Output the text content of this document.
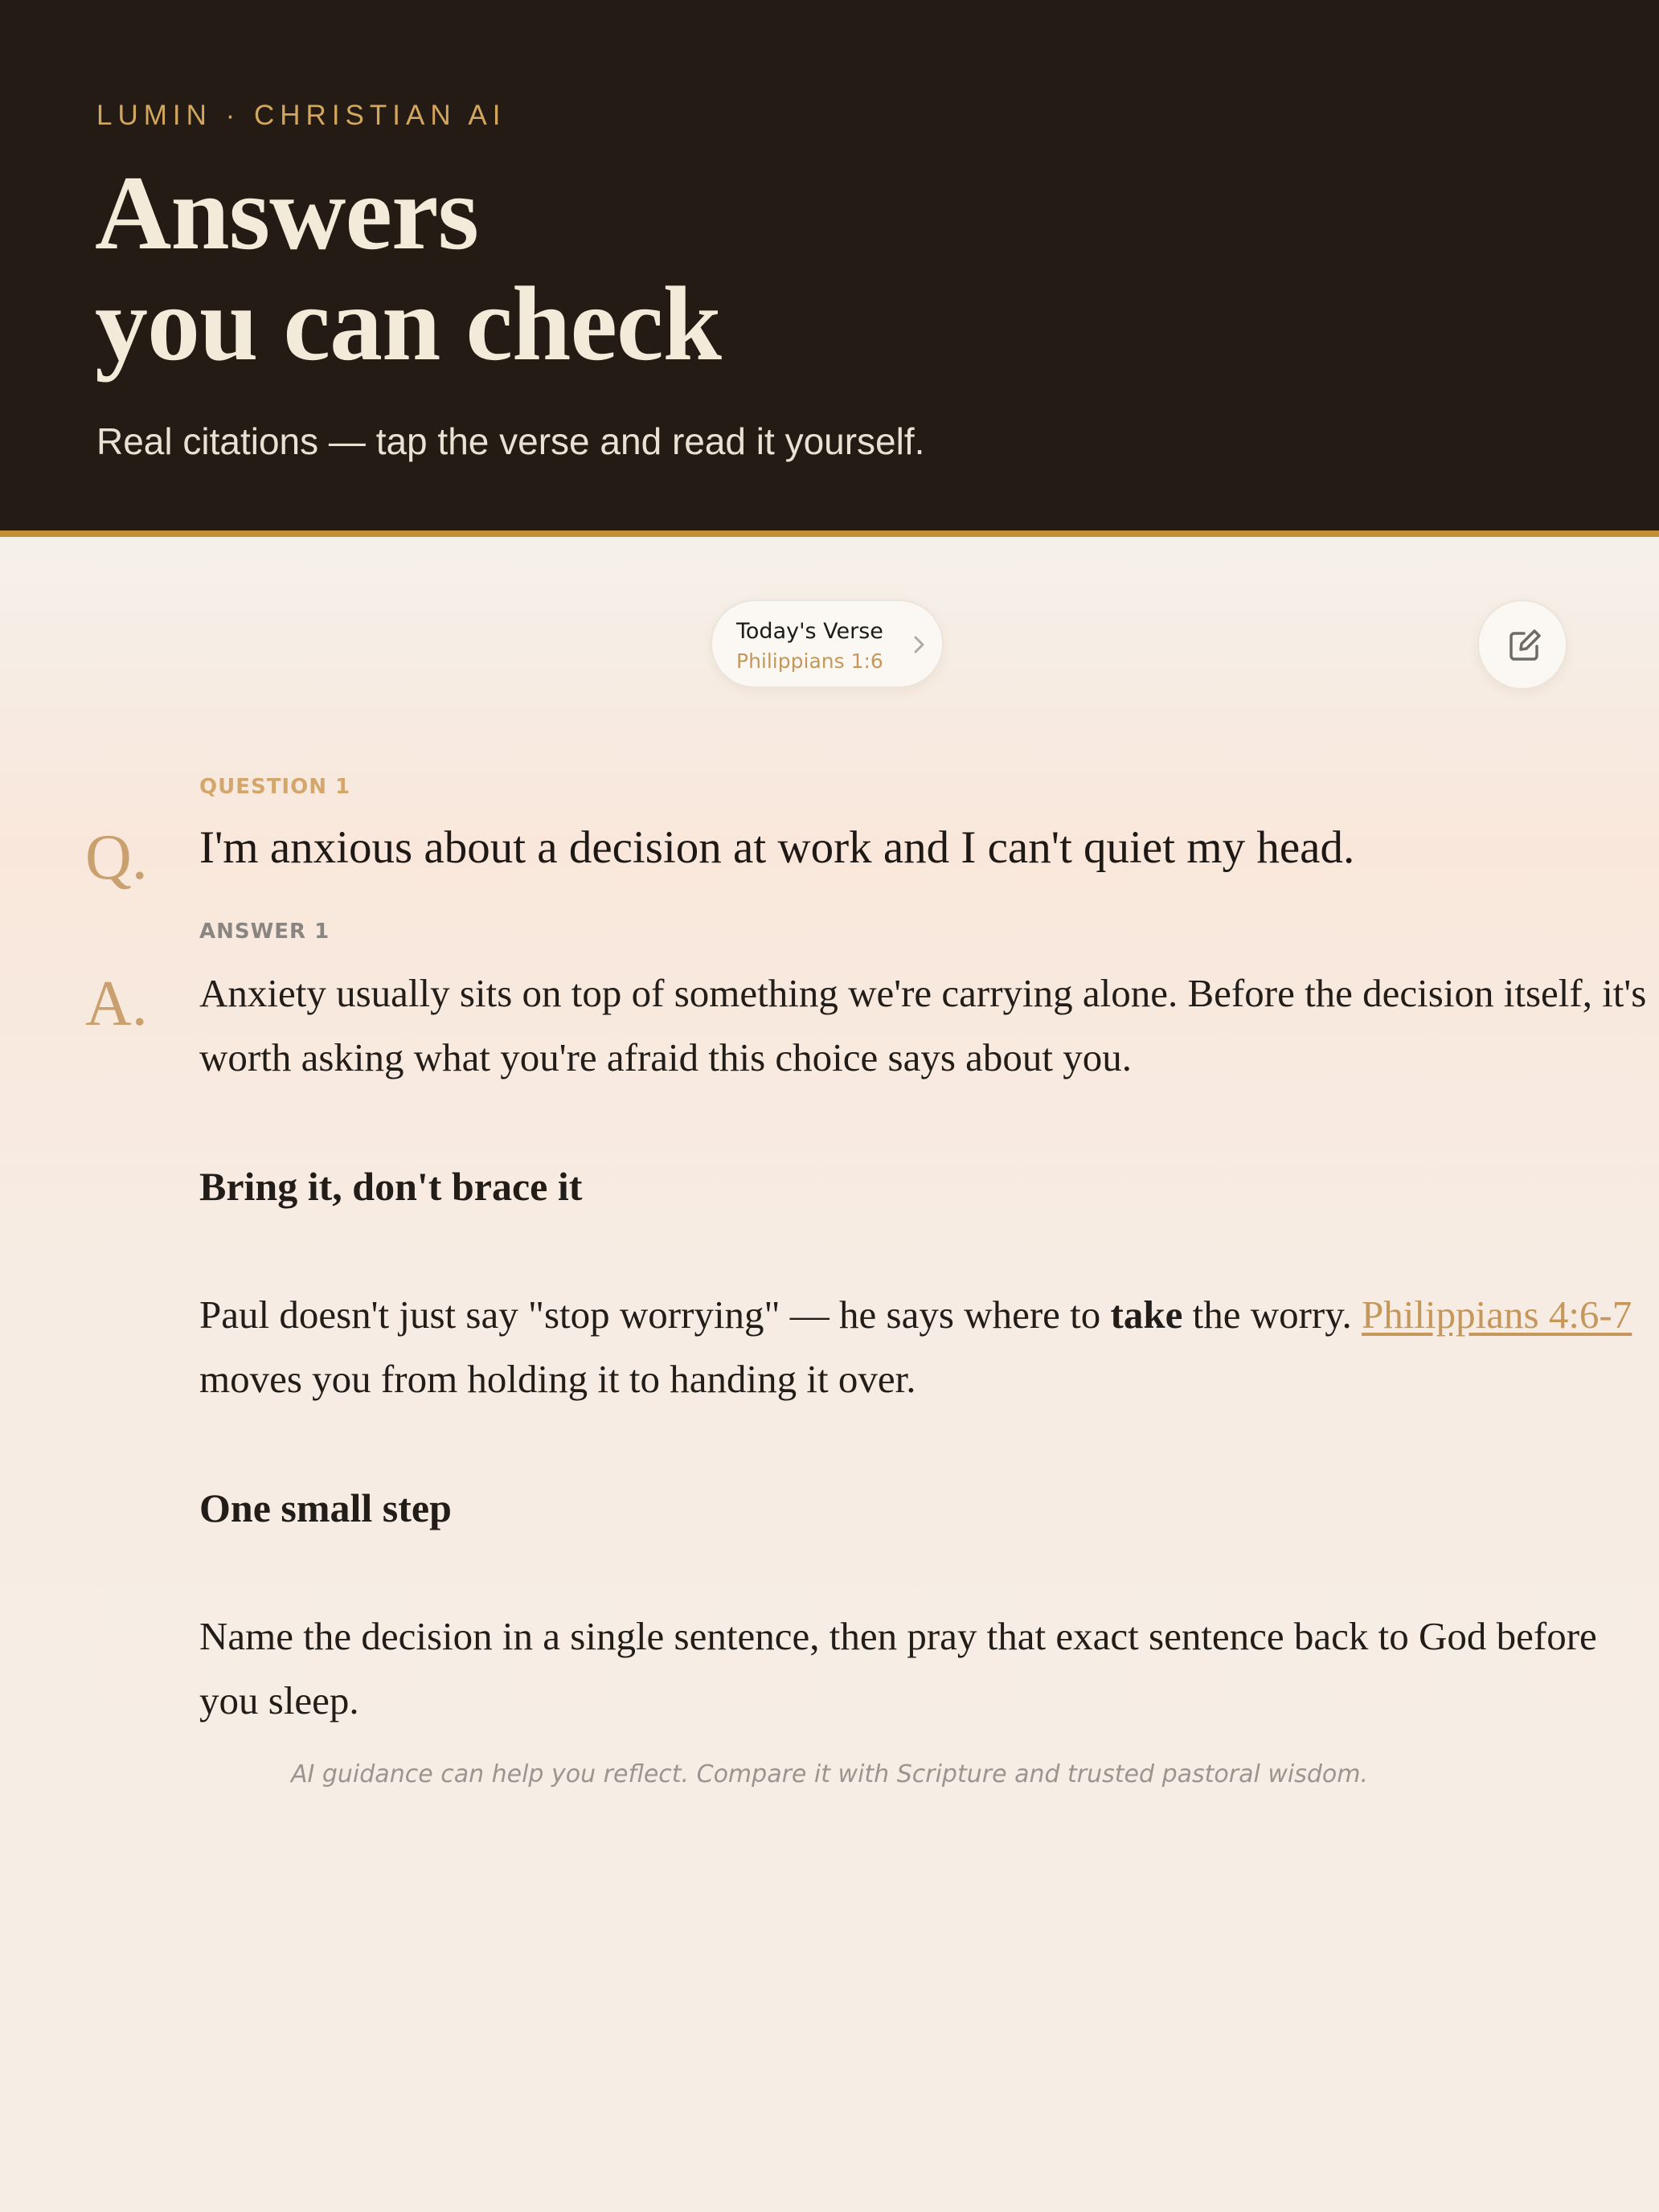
LUMIN · CHRISTIAN AI
Answers
you can check
Real citations — tap the verse and read it yourself.
Today's Verse
Philippians 1:6
QUESTION 1
Q. I'm anxious about a decision at work and I can't quiet my head.
ANSWER 1
A. Anxiety usually sits on top of something we're carrying alone. Before the decision itself, it's

worth asking what you're afraid this choice says about you.

Bring it, don't brace it

Paul doesn't just say "stop worrying" — he says where to take the worry. Philippians 4:6-7

moves you from holding it to handing it over.

One small step

Name the decision in a single sentence, then pray that exact sentence back to God before

you sleep.

AI guidance can help you reflect. Compare it with Scripture and trusted pastoral wisdom.
